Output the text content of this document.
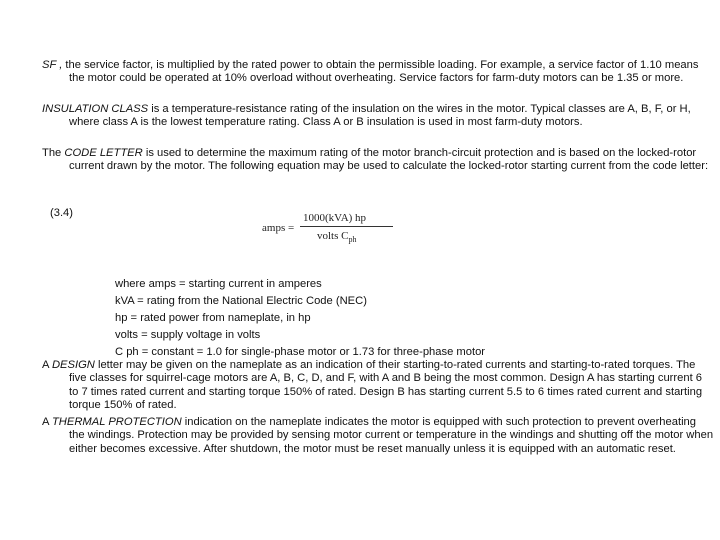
SF , the service factor, is multiplied by the rated power to obtain the permissible loading. For example, a service factor of 1.10 means the motor could be operated at 10% overload without overheating. Service factors for farm-duty motors can be 1.35 or more.
INSULATION CLASS is a temperature-resistance rating of the insulation on the wires in the motor. Typical classes are A, B, F, or H, where class A is the lowest temperature rating. Class A or B insulation is used in most farm-duty motors.
The CODE LETTER is used to determine the maximum rating of the motor branch-circuit protection and is based on the locked-rotor current drawn by the motor. The following equation may be used to calculate the locked-rotor starting current from the code letter:
(3.4)
amps =
1000(kVA) hp
volts $C_{ph}$
where amps = starting current in amperes
kVA = rating from the National Electric Code (NEC)
hp = rated power from nameplate, in hp
volts = supply voltage in volts
C ph = constant = 1.0 for single-phase motor or 1.73 for three-phase motor
A DESIGN letter may be given on the nameplate as an indication of their starting-to-rated currents and starting-to-rated torques. The five classes for squirrel-cage motors are A, B, C, D, and F, with A and B being the most common. Design A has starting current 6 to 7 times rated current and starting torque 150% of rated. Design B has starting current 5.5 to 6 times rated current and starting torque 150% of rated.
A THERMAL PROTECTION indication on the nameplate indicates the motor is equipped with such protection to prevent overheating the windings. Protection may be provided by sensing motor current or temperature in the windings and shutting off the motor when either becomes excessive. After shutdown, the motor must be reset manually unless it is equipped with an automatic reset.
